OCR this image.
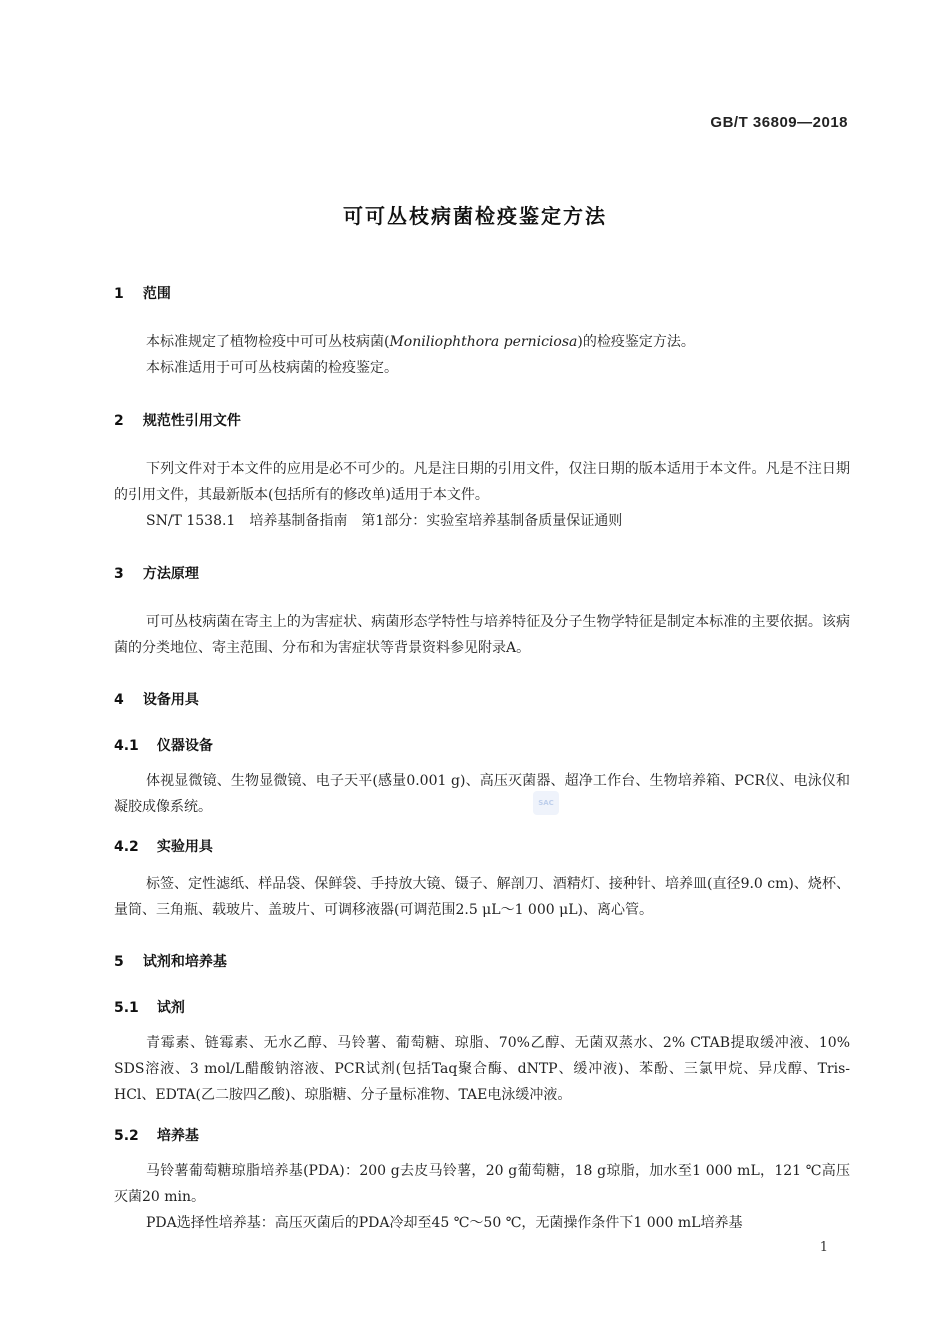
GB/T 36809—2018
可可丛枝病菌检疫鉴定方法
1 范围
本标准规定了植物检疫中可可丛枝病菌(Moniliophthora perniciosa)的检疫鉴定方法。
本标准适用于可可丛枝病菌的检疫鉴定。
2 规范性引用文件
下列文件对于本文件的应用是必不可少的。凡是注日期的引用文件，仅注日期的版本适用于本文件。凡是不注日期的引用文件，其最新版本(包括所有的修改单)适用于本文件。
SN/T 1538.1　培养基制备指南　第1部分：实验室培养基制备质量保证通则
3 方法原理
可可丛枝病菌在寄主上的为害症状、病菌形态学特性与培养特征及分子生物学特征是制定本标准的主要依据。该病菌的分类地位、寄主范围、分布和为害症状等背景资料参见附录A。
4 设备用具
4.1 仪器设备
体视显微镜、生物显微镜、电子天平(感量0.001 g)、高压灭菌器、超净工作台、生物培养箱、PCR仪、电泳仪和凝胶成像系统。	SAC
4.2 实验用具
标签、定性滤纸、样品袋、保鲜袋、手持放大镜、镊子、解剖刀、酒精灯、接种针、培养皿(直径9.0 cm)、烧杯、量筒、三角瓶、载玻片、盖玻片、可调移液器(可调范围2.5 μL～1 000 μL)、离心管。
5 试剂和培养基
5.1 试剂
青霉素、链霉素、无水乙醇、马铃薯、葡萄糖、琼脂、70%乙醇、无菌双蒸水、2% CTAB提取缓冲液、10% SDS溶液、3 mol/L醋酸钠溶液、PCR试剂(包括Taq聚合酶、dNTP、缓冲液)、苯酚、三氯甲烷、异戊醇、Tris-HCl、EDTA(乙二胺四乙酸)、琼脂糖、分子量标准物、TAE电泳缓冲液。
5.2 培养基
马铃薯葡萄糖琼脂培养基(PDA)：200 g去皮马铃薯，20 g葡萄糖，18 g琼脂，加水至1 000 mL，121 ℃高压灭菌20 min。
PDA选择性培养基：高压灭菌后的PDA冷却至45 ℃～50 ℃，无菌操作条件下1 000 mL培养基
1
